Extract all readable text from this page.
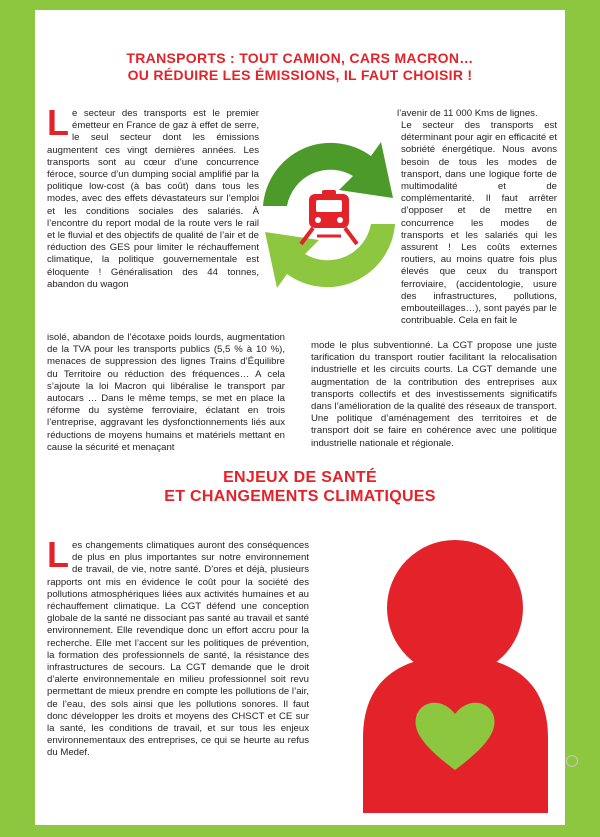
TRANSPORTS : TOUT CAMION, CARS MACRON…
OU RÉDUIRE LES ÉMISSIONS, IL FAUT CHOISIR !
Le secteur des transports est le premier émetteur en France de gaz à effet de serre, le seul secteur dont les émissions augmentent ces vingt dernières années. Les transports sont au cœur d’une concurrence féroce, source d’un dumping social amplifié par la politique low-cost (à bas coût) dans tous les modes, avec des effets dévastateurs sur l’emploi et les conditions sociales des salariés. À l’encontre du report modal de la route vers le rail et le fluvial et des objectifs de qualité de l’air et de réduction des GES pour limiter le réchauffement climatique, la politique gouvernementale est éloquente ! Généralisation des 44 tonnes, abandon du wagon
l’avenir de 11 000 Kms de lignes.
Le secteur des transports est déterminant pour agir en efficacité et sobriété énergétique. Nous avons besoin de tous les modes de transport, dans une logique forte de multimodalité et de complémentarité. Il faut arrêter d’opposer et de mettre en concurrence les modes de transports et les salariés qui les assurent ! Les coûts externes routiers, au moins quatre fois plus élevés que ceux du transport ferroviaire, (accidentologie, usure des infrastructures, pollutions, embouteillages…), sont payés par le contribuable. Cela en fait le
isolé, abandon de l’écotaxe poids lourds, augmentation de la TVA pour les transports publics (5,5 % à 10 %), menaces de suppression des lignes Trains d’Équilibre du Territoire ou réduction des fréquences… A cela s’ajoute la loi Macron qui libéralise le transport par autocars … Dans le même temps, se met en place la réforme du système ferroviaire, éclatant en trois l’entreprise, aggravant les dysfonctionnements liés aux réductions de moyens humains et matériels mettant en cause la sécurité et menaçant
mode le plus subventionné. La CGT propose une juste tarification du transport routier facilitant la relocalisation industrielle et les circuits courts. La CGT demande une augmentation de la contribution des entreprises aux transports collectifs et des investissements significatifs dans l’amélioration de la qualité des réseaux de transport. Une politique d’aménagement des territoires et de transport doit se faire en cohérence avec une politique industrielle nationale et régionale.
ENJEUX DE SANTÉ
ET CHANGEMENTS CLIMATIQUES
Les changements climatiques auront des conséquences de plus en plus importantes sur notre environnement de travail, de vie, notre santé. D’ores et déjà, plusieurs rapports ont mis en évidence le coût pour la société des pollutions atmosphériques liées aux activités humaines et au réchauffement climatique. La CGT défend une conception globale de la santé ne dissociant pas santé au travail et santé environnement. Elle revendique donc un effort accru pour la recherche. Elle met l’accent sur les politiques de prévention, la formation des professionnels de santé, la résistance des infrastructures de secours. La CGT demande que le droit d’alerte environnementale en milieu professionnel soit revu permettant de mieux prendre en compte les pollutions de l’air, de l’eau, des sols ainsi que les pollutions sonores. Il faut donc développer les droits et moyens des CHSCT et CE sur la santé, les conditions de travail, et sur tous les enjeux environnementaux des entreprises, ce qui se heurte au refus du Medef.
